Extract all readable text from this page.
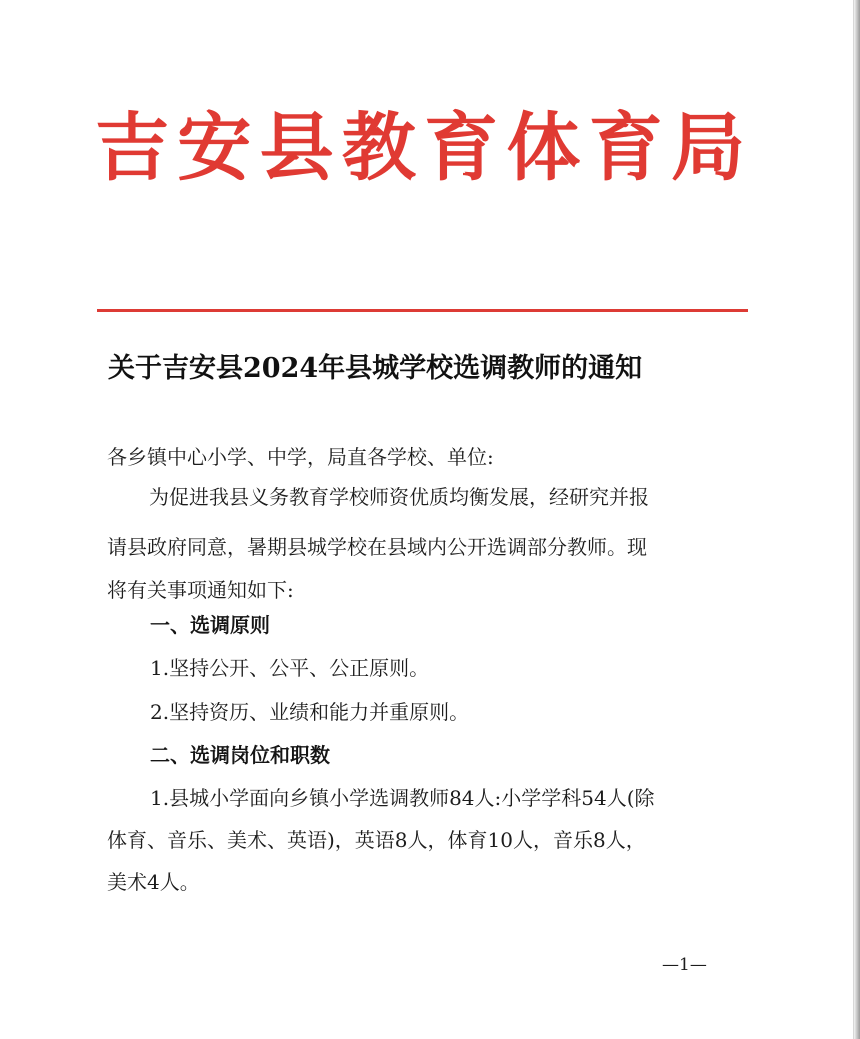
吉 安 县 教 育 体 育 局
关于吉安县2024年县城学校选调教师的通知
各乡镇中心小学、中学，局直各学校、单位:
为促进我县义务教育学校师资优质均衡发展，经研究并报
请县政府同意，暑期县城学校在县域内公开选调部分教师。现
将有关事项通知如下:
一、选调原则
1.坚持公开、公平、公正原则。
2.坚持资历、业绩和能力并重原则。
二、选调岗位和职数
1.县城小学面向乡镇小学选调教师84人:小学学科54人(除
体育、音乐、美术、英语)，英语8人，体育10人，音乐8人，
美术4人。
—1—
